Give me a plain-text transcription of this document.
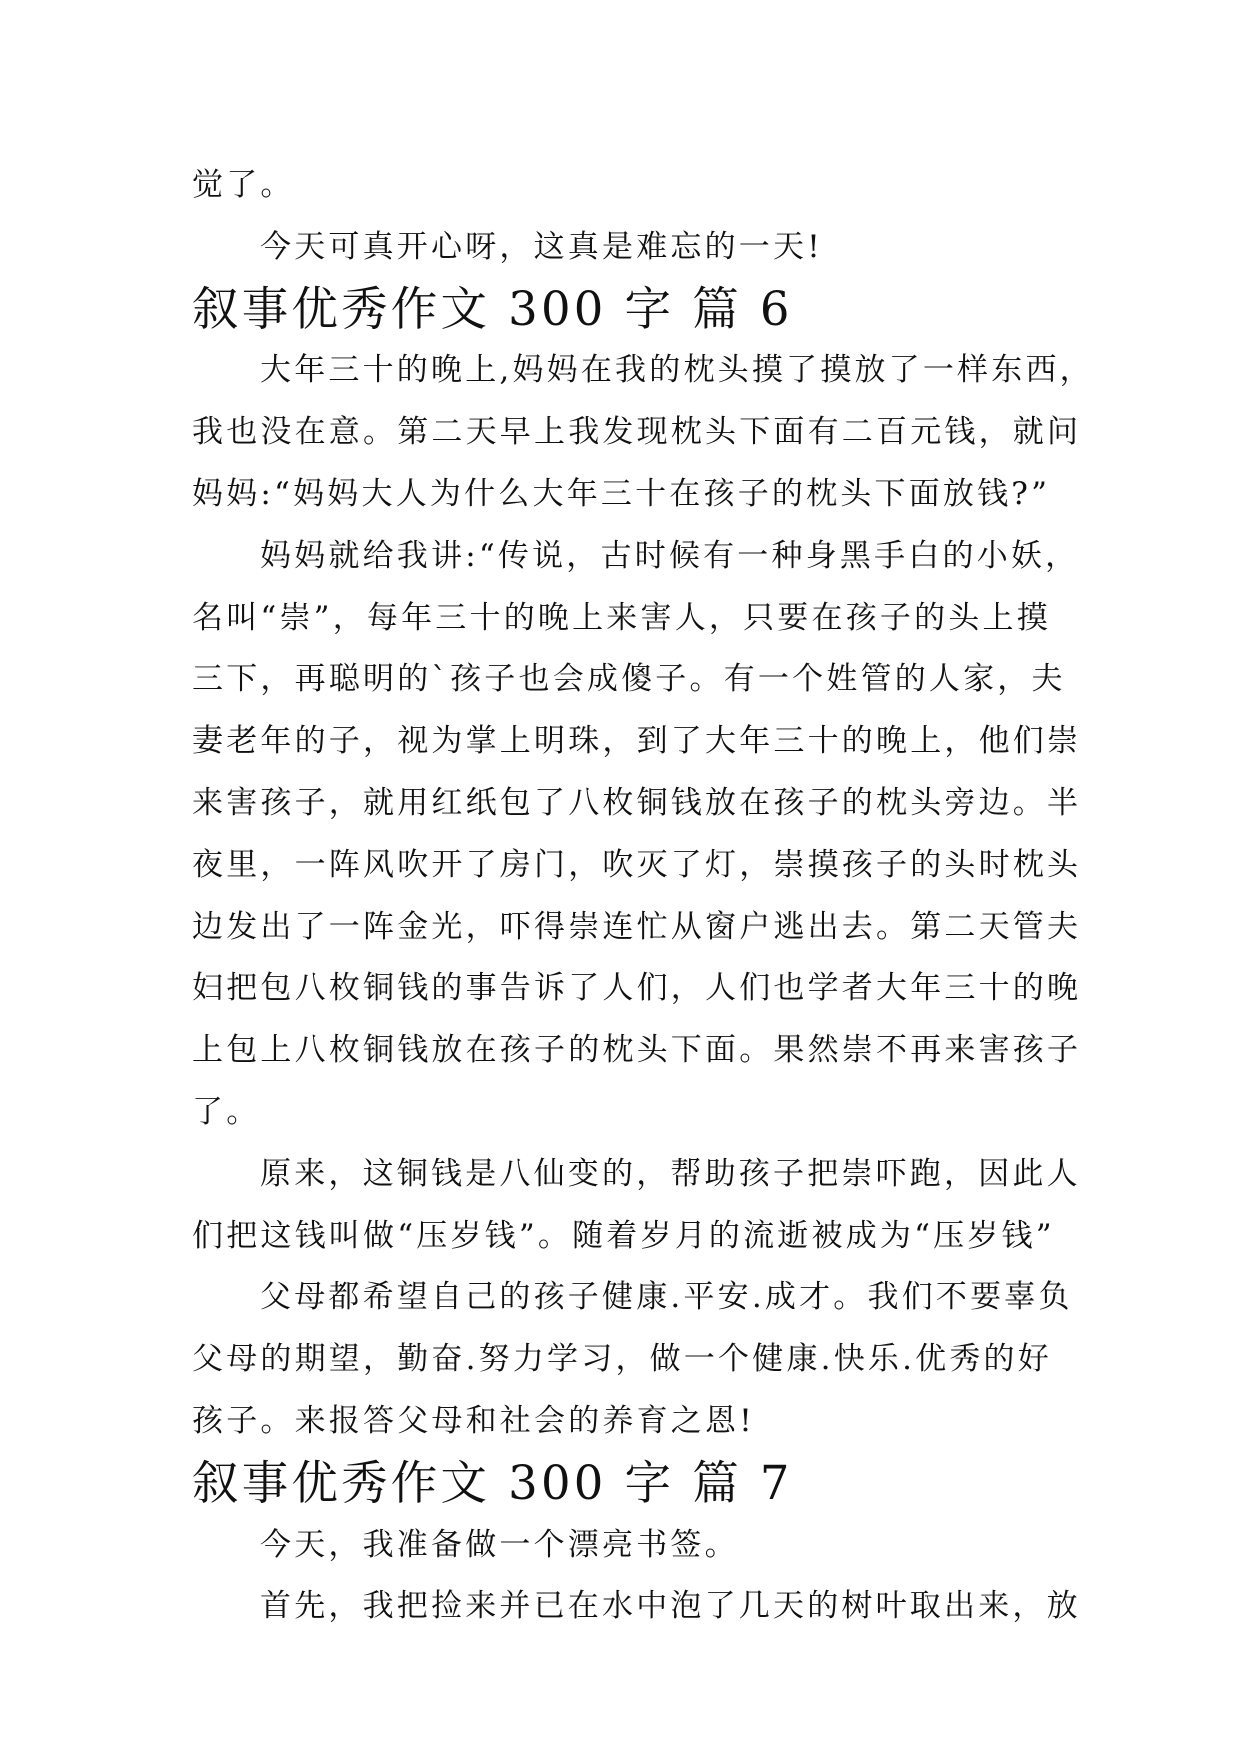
觉了。

今天可真开心呀，这真是难忘的一天!

叙事优秀作文 300 字 篇 6

大年三十的晚上,妈妈在我的枕头摸了摸放了一样东西，
我也没在意。第二天早上我发现枕头下面有二百元钱，就问
妈妈:“妈妈大人为什么大年三十在孩子的枕头下面放钱?”

妈妈就给我讲:“传说，古时候有一种身黑手白的小妖，
名叫“崇”，每年三十的晚上来害人，只要在孩子的头上摸
三下，再聪明的`孩子也会成傻子。有一个姓管的人家，夫
妻老年的子，视为掌上明珠，到了大年三十的晚上，他们崇
来害孩子，就用红纸包了八枚铜钱放在孩子的枕头旁边。半
夜里，一阵风吹开了房门，吹灭了灯，崇摸孩子的头时枕头
边发出了一阵金光，吓得崇连忙从窗户逃出去。第二天管夫
妇把包八枚铜钱的事告诉了人们，人们也学者大年三十的晚
上包上八枚铜钱放在孩子的枕头下面。果然崇不再来害孩子
了。

原来，这铜钱是八仙变的，帮助孩子把崇吓跑，因此人
们把这钱叫做“压岁钱”。随着岁月的流逝被成为“压岁钱”

父母都希望自己的孩子健康.平安.成才。我们不要辜负
父母的期望，勤奋.努力学习，做一个健康.快乐.优秀的好
孩子。来报答父母和社会的养育之恩!

叙事优秀作文 300 字 篇 7

今天，我准备做一个漂亮书签。

首先，我把捡来并已在水中泡了几天的树叶取出来，放
